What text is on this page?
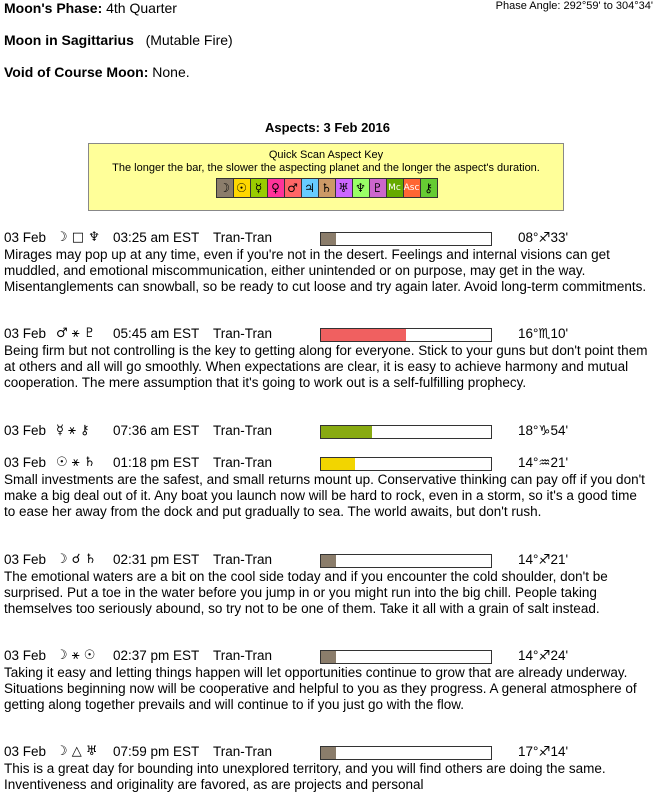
Moon's Phase: 4th Quarter	Phase Angle: 292°59' to 304°34'
Moon in Sagittarius (Mutable Fire)
Void of Course Moon: None.
Aspects: 3 Feb 2016
Quick Scan Aspect Key
The longer the bar, the slower the aspecting planet and the longer the aspect's duration.
☽ ☉ ☿ ♀ ♂ ♃ ♄ ♅ ♆ ♇ Mc Asc ⚷
03 Feb ☽ □ ♆ 03:25 am EST Tran-Tran	08°♐33'
Mirages may pop up at any time, even if you're not in the desert. Feelings and internal visions can get muddled, and emotional miscommunication, either unintended or on purpose, may get in the way. Misentanglements can snowball, so be ready to cut loose and try again later. Avoid long-term commitments.
03 Feb ♂ ⚹ ♇ 05:45 am EST Tran-Tran	16°♏10'
Being firm but not controlling is the key to getting along for everyone. Stick to your guns but don't point them at others and all will go smoothly. When expectations are clear, it is easy to achieve harmony and mutual cooperation. The mere assumption that it's going to work out is a self-fulfilling prophecy.
03 Feb ☿ ⚹ ⚷ 07:36 am EST Tran-Tran	18°♑54'
03 Feb ☉ ⚹ ♄ 01:18 pm EST Tran-Tran	14°♒21'
Small investments are the safest, and small returns mount up. Conservative thinking can pay off if you don't make a big deal out of it. Any boat you launch now will be hard to rock, even in a storm, so it's a good time to ease her away from the dock and put gradually to sea. The world awaits, but don't rush.
03 Feb ☽ ☌ ♄ 02:31 pm EST Tran-Tran	14°♐21'
The emotional waters are a bit on the cool side today and if you encounter the cold shoulder, don't be surprised. Put a toe in the water before you jump in or you might run into the big chill. People taking themselves too seriously abound, so try not to be one of them. Take it all with a grain of salt instead.
03 Feb ☽ ⚹ ☉ 02:37 pm EST Tran-Tran	14°♐24'
Taking it easy and letting things happen will let opportunities continue to grow that are already underway. Situations beginning now will be cooperative and helpful to you as they progress. A general atmosphere of getting along together prevails and will continue to if you just go with the flow.
03 Feb ☽ △ ♅ 07:59 pm EST Tran-Tran	17°♐14'
This is a great day for bounding into unexplored territory, and you will find others are doing the same. Inventiveness and originality are favored, as are projects and personal
